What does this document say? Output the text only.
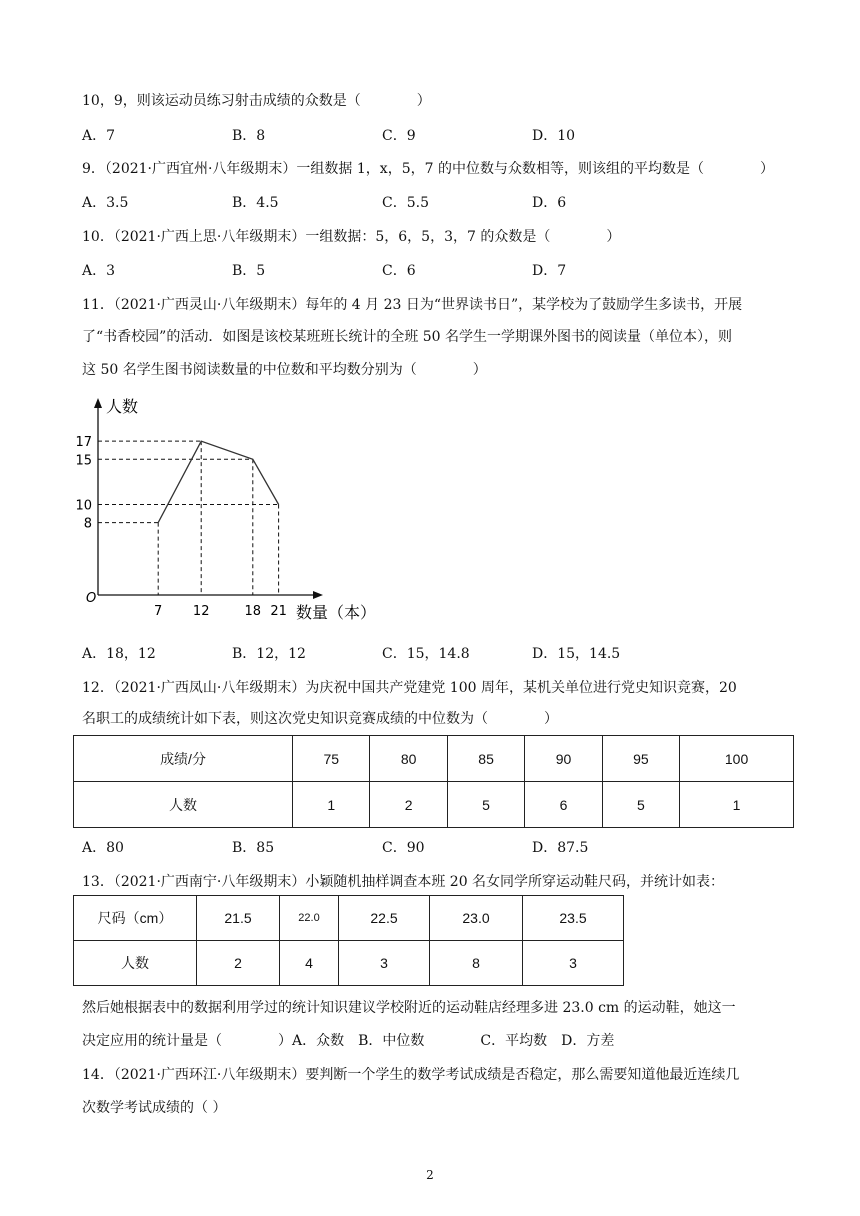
10，9，则该运动员练习射击成绩的众数是（　　　　）
A．7	B．8	C．9	D．10
9．（2021·广西宜州·八年级期末）一组数据 1，x，5，7 的中位数与众数相等，则该组的平均数是（　　　　）
A．3.5	B．4.5	C．5.5	D．6
10．（2021·广西上思·八年级期末）一组数据：5，6，5，3，7 的众数是（　　　　）
A．3	B．5	C．6	D．7
11．（2021·广西灵山·八年级期末）每年的 4 月 23 日为“世界读书日”，某学校为了鼓励学生多读书，开展
了“书香校园”的活动．如图是该校某班班长统计的全班 50 名学生一学期课外图书的阅读量（单位本），则
这 50 名学生图书阅读数量的中位数和平均数分别为（　　　　）
O
人数
数量（本）
8
10
15
17
7 12	18 21
A．18，12	B．12，12	C．15，14.8	D．15，14.5
12．（2021·广西凤山·八年级期末）为庆祝中国共产党建党 100 周年，某机关单位进行党史知识竞赛，20
名职工的成绩统计如下表，则这次党史知识竞赛成绩的中位数为（　　　　）
成绩/分	75	80	85	90	95	100
人数	1	2	5	6	5	1
A．80	B．85	C．90	D．87.5
13．（2021·广西南宁·八年级期末）小颖随机抽样调查本班 20 名女同学所穿运动鞋尺码，并统计如表：
尺码（cm）	21.5	22.0	22.5	23.0	23.5
人数	2	4	3	8	3
然后她根据表中的数据利用学过的统计知识建议学校附近的运动鞋店经理多进 23.0 cm 的运动鞋，她这一
决定应用的统计量是（　　　　）A．众数　B．中位数　　　　C．平均数　D．方差
14．（2021·广西环江·八年级期末）要判断一个学生的数学考试成绩是否稳定，那么需要知道他最近连续几
次数学考试成绩的（ ）
2
